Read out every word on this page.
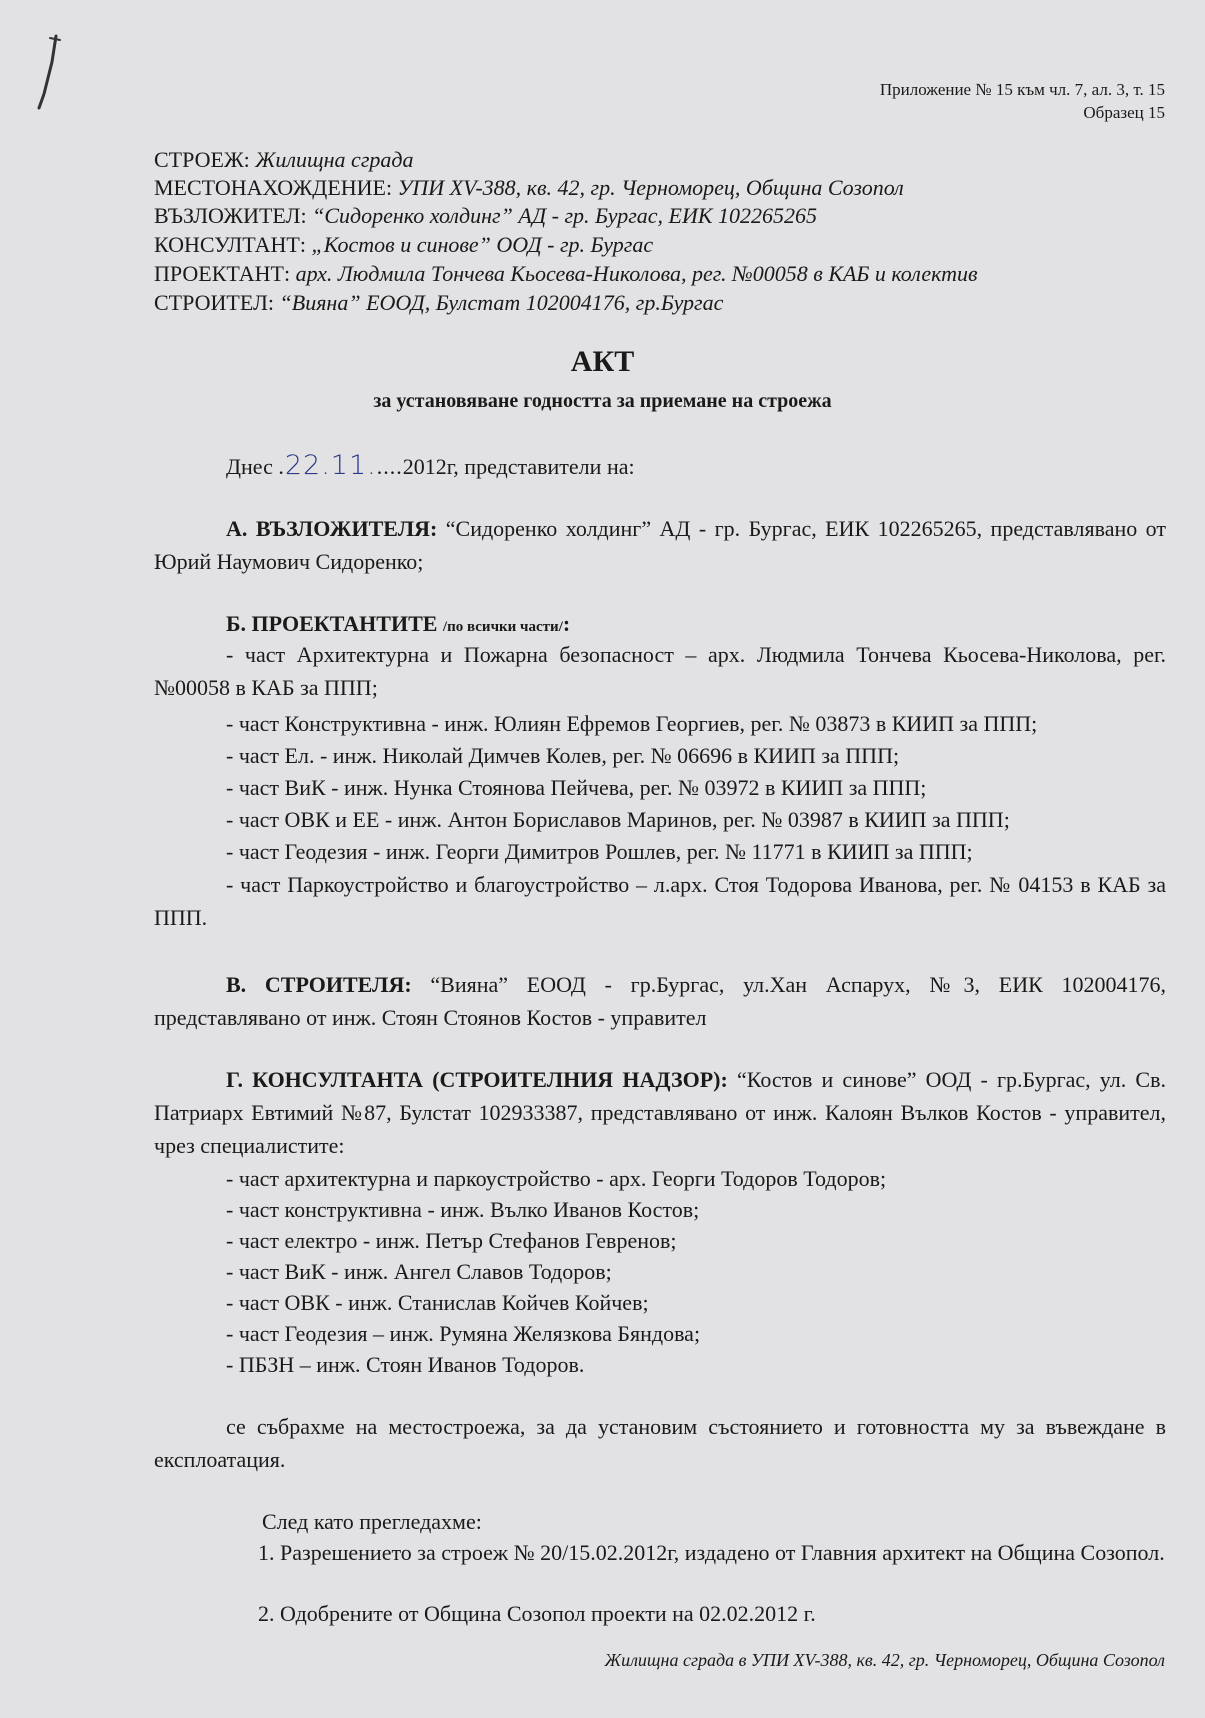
Приложение № 15 към чл. 7, ал. 3, т. 15
Образец 15
СТРОЕЖ: Жилищна сграда
МЕСТОНАХОЖДЕНИЕ: УПИ XV-388, кв. 42, гр. Черноморец, Община Созопол
ВЪЗЛОЖИТЕЛ: “Сидоренко холдинг” АД - гр. Бургас, ЕИК 102265265
КОНСУЛТАНТ: „Костов и синове” ООД - гр. Бургас
ПРОЕКТАНТ: арх. Людмила Тончева Кьосева-Николова, рег. №00058 в КАБ и колектив
СТРОИТЕЛ: “Вияна” ЕООД, Булстат 102004176, гр.Бургас
АКТ
за установяване годността за приемане на строежа
Днес .22.11.....2012г, представители на:
А. ВЪЗЛОЖИТЕЛЯ: “Сидоренко холдинг” АД - гр. Бургас, ЕИК 102265265, представлявано от Юрий Наумович Сидоренко;
Б. ПРОЕКТАНТИТЕ /по всички части/:
- част Архитектурна и Пожарна безопасност – арх. Людмила Тончева Кьосева-Николова, рег. №00058 в КАБ за ППП;
- част Конструктивна - инж. Юлиян Ефремов Георгиев, рег. № 03873 в КИИП за ППП;
- част Ел. - инж. Николай Димчев Колев, рег. № 06696 в КИИП за ППП;
- част ВиК - инж. Нунка Стоянова Пейчева, рег. № 03972 в КИИП за ППП;
- част ОВК и ЕЕ - инж. Антон Бориславов Маринов, рег. № 03987 в КИИП за ППП;
- част Геодезия - инж. Георги Димитров Рошлев, рег. № 11771 в КИИП за ППП;
- част Паркоустройство и благоустройство – л.арх. Стоя Тодорова Иванова, рег. № 04153 в КАБ за ППП.
В. СТРОИТЕЛЯ: “Вияна” ЕООД - гр.Бургас, ул.Хан Аспарух, №3, ЕИК 102004176, представлявано от инж. Стоян Стоянов Костов - управител
Г. КОНСУЛТАНТА (СТРОИТЕЛНИЯ НАДЗОР): “Костов и синове” ООД - гр.Бургас, ул. Св. Патриарх Евтимий №87, Булстат 102933387, представлявано от инж. Калоян Вълков Костов - управител, чрез специалистите:
- част архитектурна и паркоустройство - арх. Георги Тодоров Тодоров;
- част конструктивна - инж. Вълко Иванов Костов;
- част електро - инж. Петър Стефанов Гевренов;
- част ВиК - инж. Ангел Славов Тодоров;
- част ОВК - инж. Станислав Койчев Койчев;
- част Геодезия – инж. Румяна Желязкова Бяндова;
- ПБЗН – инж. Стоян Иванов Тодоров.
се събрахме на местостроежа, за да установим състоянието и готовността му за въвеждане в експлоатация.
След като прегледахме:
1. Разрешението за строеж № 20/15.02.2012г, издадено от Главния архитект на Община Созопол.
2. Одобрените от Община Созопол проекти на 02.02.2012 г.
Жилищна сграда в УПИ XV-388, кв. 42, гр. Черноморец, Община Созопол
